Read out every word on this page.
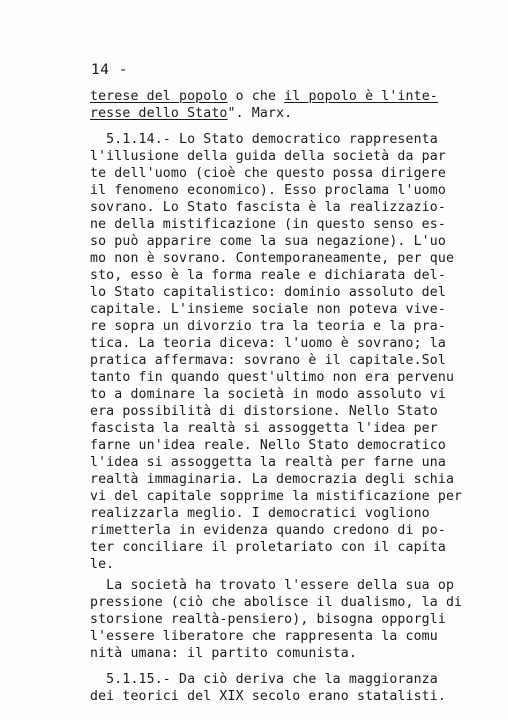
14 -
terese del popolo o che il popolo è l'inte-
resse dello Stato". Marx.
5.1.14.- Lo Stato democratico rappresenta
l'illusione della guida della società da par
te dell'uomo (cioè che questo possa dirigere
il fenomeno economico). Esso proclama l'uomo
sovrano. Lo Stato fascista è la realizzazio-
ne della mistificazione (in questo senso es-
so può apparire come la sua negazione). L'uo
mo non è sovrano. Contemporaneamente, per que
sto, esso è la forma reale e dichiarata del-
lo Stato capitalistico: dominio assoluto del
capitale. L'insieme sociale non poteva vive-
re sopra un divorzio tra la teoria e la pra-
tica. La teoria diceva: l'uomo è sovrano; la
pratica affermava: sovrano è il capitale.Sol
tanto fin quando quest'ultimo non era pervenu
to a dominare la società in modo assoluto vi
era possibilità di distorsione. Nello Stato
fascista la realtà si assoggetta l'idea per
farne un'idea reale. Nello Stato democratico
l'idea si assoggetta la realtà per farne una
realtà immaginaria. La democrazia degli schia
vi del capitale sopprime la mistificazione per
realizzarla meglio. I democratici vogliono
rimetterla in evidenza quando credono di po-
ter conciliare il proletariato con il capita
le.
La società ha trovato l'essere della sua op
pressione (ciò che abolisce il dualismo, la di
storsione realtà-pensiero), bisogna opporgli
l'essere liberatore che rappresenta la comu
nità umana: il partito comunista.
5.1.15.- Da ciò deriva che la maggioranza
dei teorici del XIX secolo erano statalisti.
